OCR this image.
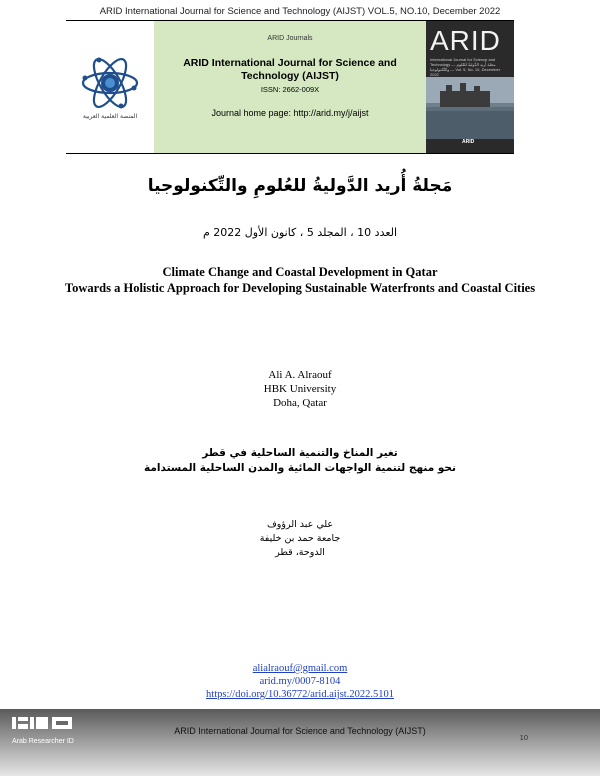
ARID International Journal for Science and Technology (AIJST) VOL.5, NO.10, December 2022
المنصة العلمية العربية
ARID Journals
ARID International Journal for Science and Technology (AIJST)
ISSN: 2662-009X
Journal home page: http://arid.my/j/aijst
ARID
International Journal for Science and Technology — مجلة أُريد الدَّوليةُ للعُلومِ والتِّكنولوجيا — Vol. 5, No. 10, December 2022
ARID
مَجلةُ أُريد الدَّوليةُ للعُلومِ والتِّكنولوجيا
العدد 10 ، المجلد 5 ، كانون الأول 2022 م
Climate Change and Coastal Development in Qatar
Towards a Holistic Approach for Developing Sustainable Waterfronts and Coastal Cities
Ali A. Alraouf
HBK University
Doha, Qatar
تغير المناخ والتنمية الساحلية في قطر
نحو منهج لتنمية الواجهات المائية والمدن الساحلية المستدامة
علي عبد الرؤوف
جامعة حمد بن خليفة
الدوحة، قطر
alialraouf@gmail.com
arid.my/0007-8104
https://doi.org/10.36772/arid.aijst.2022.5101
Arab Researcher ID
ARID International Journal for Science and Technology (AIJST)
10
